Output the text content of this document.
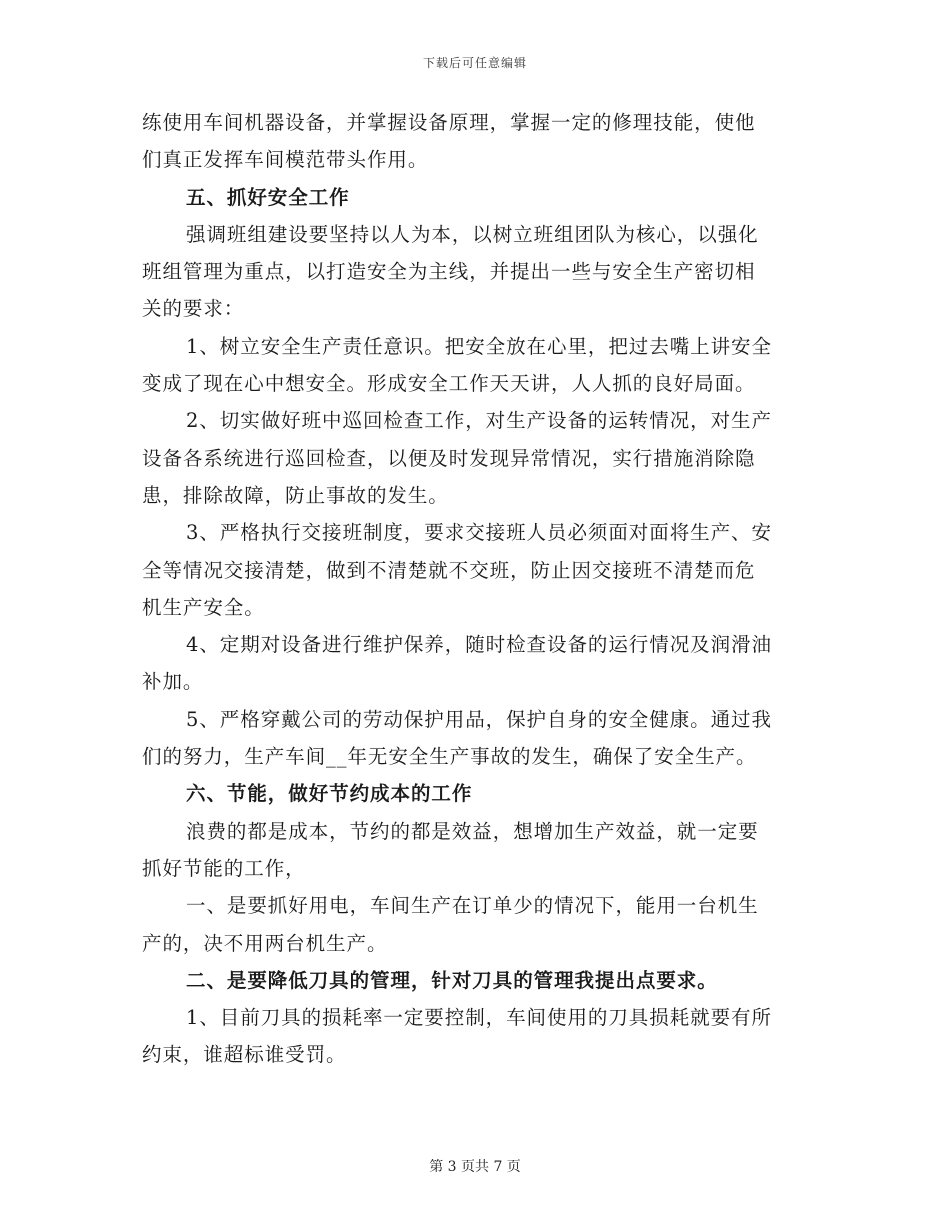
下载后可任意编辑
练使用车间机器设备，并掌握设备原理，掌握一定的修理技能，使他
们真正发挥车间模范带头作用。
五、抓好安全工作
强调班组建设要坚持以人为本，以树立班组团队为核心，以强化
班组管理为重点，以打造安全为主线，并提出一些与安全生产密切相
关的要求：
1、树立安全生产责任意识。把安全放在心里，把过去嘴上讲安全
变成了现在心中想安全。形成安全工作天天讲，人人抓的良好局面。
2、切实做好班中巡回检查工作，对生产设备的运转情况，对生产
设备各系统进行巡回检查，以便及时发现异常情况，实行措施消除隐
患，排除故障，防止事故的发生。
3、严格执行交接班制度，要求交接班人员必须面对面将生产、安
全等情况交接清楚，做到不清楚就不交班，防止因交接班不清楚而危
机生产安全。
4、定期对设备进行维护保养，随时检查设备的运行情况及润滑油
补加。
5、严格穿戴公司的劳动保护用品，保护自身的安全健康。通过我
们的努力，生产车间__年无安全生产事故的发生，确保了安全生产。
六、节能，做好节约成本的工作
浪费的都是成本，节约的都是效益，想增加生产效益，就一定要
抓好节能的工作，
一、是要抓好用电，车间生产在订单少的情况下，能用一台机生
产的，决不用两台机生产。
二、是要降低刀具的管理，针对刀具的管理我提出点要求。
1、目前刀具的损耗率一定要控制，车间使用的刀具损耗就要有所
约束，谁超标谁受罚。
第 3 页共 7 页
